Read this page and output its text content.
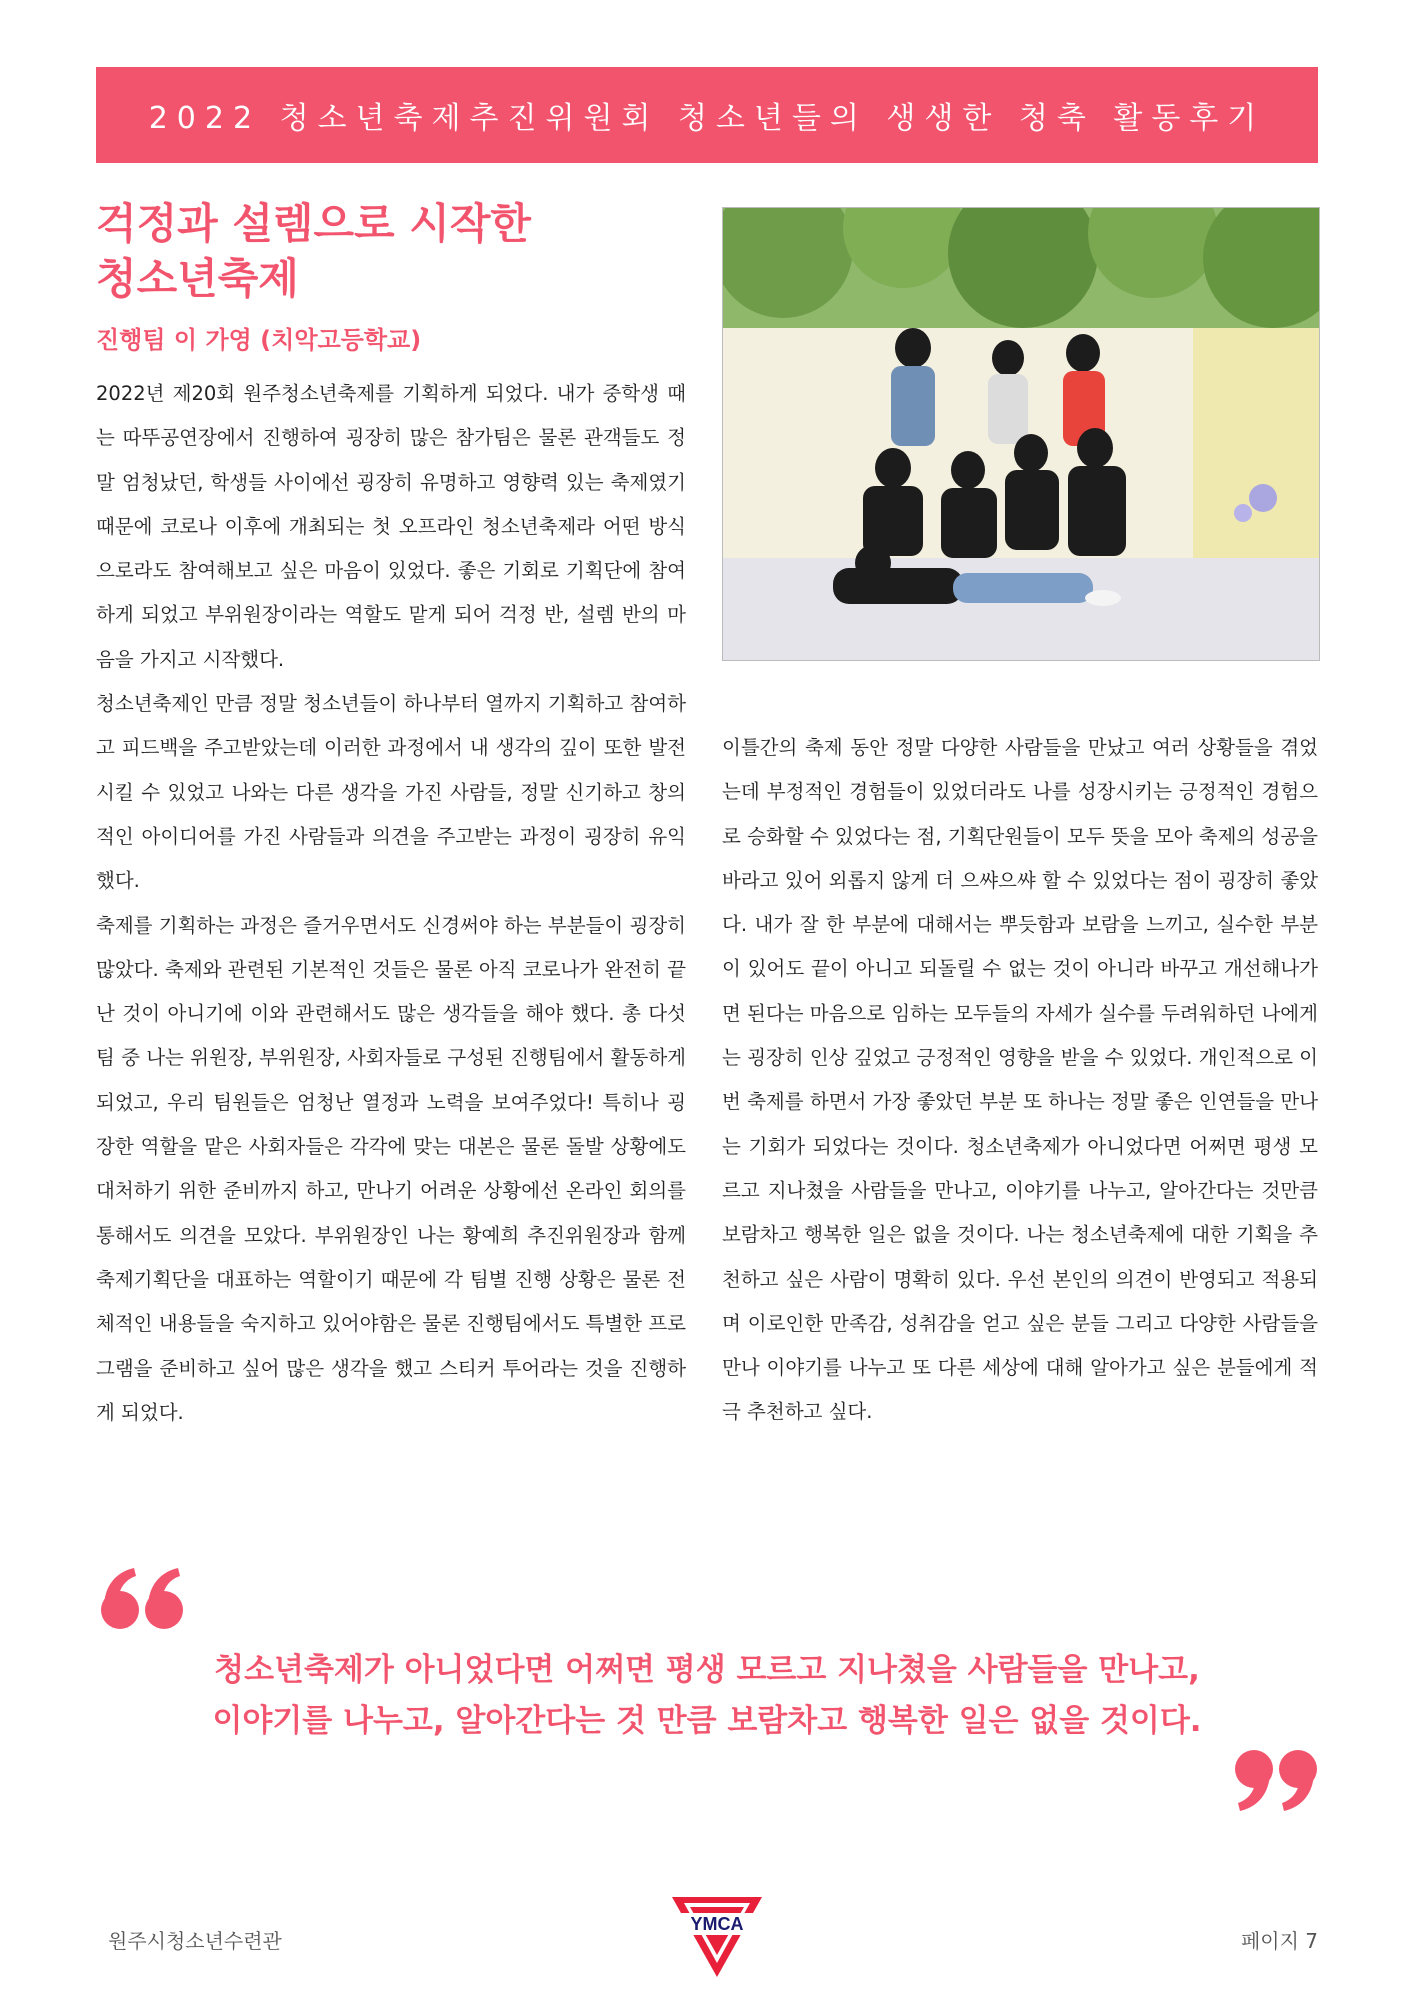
2022 청소년축제추진위원회 청소년들의 생생한 청축 활동후기
걱정과 설렘으로 시작한
청소년축제
진행팀 이 가영 (치악고등학교)

2022년 제20회 원주청소년축제를 기획하게 되었다. 내가 중학생 때는 따뚜공연장에서 진행하여 굉장히 많은 참가팀은 물론 관객들도 정말 엄청났던, 학생들 사이에선 굉장히 유명하고 영향력 있는 축제였기 때문에 코로나 이후에 개최되는 첫 오프라인 청소년축제라 어떤 방식으로라도 참여해보고 싶은 마음이 있었다. 좋은 기회로 기획단에 참여하게 되었고 부위원장이라는 역할도 맡게 되어 걱정 반, 설렘 반의 마음을 가지고 시작했다.

청소년축제인 만큼 정말 청소년들이 하나부터 열까지 기획하고 참여하고 피드백을 주고받았는데 이러한 과정에서 내 생각의 깊이 또한 발전시킬 수 있었고 나와는 다른 생각을 가진 사람들, 정말 신기하고 창의적인 아이디어를 가진 사람들과 의견을 주고받는 과정이 굉장히 유익했다.

축제를 기획하는 과정은 즐거우면서도 신경써야 하는 부분들이 굉장히 많았다. 축제와 관련된 기본적인 것들은 물론 아직 코로나가 완전히 끝난 것이 아니기에 이와 관련해서도 많은 생각들을 해야 했다. 총 다섯 팀 중 나는 위원장, 부위원장, 사회자들로 구성된 진행팀에서 활동하게 되었고, 우리 팀원들은 엄청난 열정과 노력을 보여주었다! 특히나 굉장한 역할을 맡은 사회자들은 각각에 맞는 대본은 물론 돌발 상황에도 대처하기 위한 준비까지 하고, 만나기 어려운 상황에선 온라인 회의를 통해서도 의견을 모았다. 부위원장인 나는 황예희 추진위원장과 함께 축제기획단을 대표하는 역할이기 때문에 각 팀별 진행 상황은 물론 전체적인 내용들을 숙지하고 있어야함은 물론 진행팀에서도 특별한 프로그램을 준비하고 싶어 많은 생각을 했고 스티커 투어라는 것을 진행하게 되었다.

이틀간의 축제 동안 정말 다양한 사람들을 만났고 여러 상황들을 겪었는데 부정적인 경험들이 있었더라도 나를 성장시키는 긍정적인 경험으로 승화할 수 있었다는 점, 기획단원들이 모두 뜻을 모아 축제의 성공을 바라고 있어 외롭지 않게 더 으쌰으쌰 할 수 있었다는 점이 굉장히 좋았다. 내가 잘 한 부분에 대해서는 뿌듯함과 보람을 느끼고, 실수한 부분이 있어도 끝이 아니고 되돌릴 수 없는 것이 아니라 바꾸고 개선해나가면 된다는 마음으로 임하는 모두들의 자세가 실수를 두려워하던 나에게는 굉장히 인상 깊었고 긍정적인 영향을 받을 수 있었다. 개인적으로 이번 축제를 하면서 가장 좋았던 부분 또 하나는 정말 좋은 인연들을 만나는 기회가 되었다는 것이다. 청소년축제가 아니었다면 어쩌면 평생 모르고 지나쳤을 사람들을 만나고, 이야기를 나누고, 알아간다는 것만큼 보람차고 행복한 일은 없을 것이다. 나는 청소년축제에 대한 기획을 추천하고 싶은 사람이 명확히 있다. 우선 본인의 의견이 반영되고 적용되며 이로인한 만족감, 성취감을 얻고 싶은 분들 그리고 다양한 사람들을 만나 이야기를 나누고 또 다른 세상에 대해 알아가고 싶은 분들에게 적극 추천하고 싶다.

청소년축제가 아니었다면 어쩌면 평생 모르고 지나쳤을 사람들을 만나고,
이야기를 나누고, 알아간다는 것 만큼 보람차고 행복한 일은 없을 것이다.
원주시청소년수련관
YMCA
페이지 7
